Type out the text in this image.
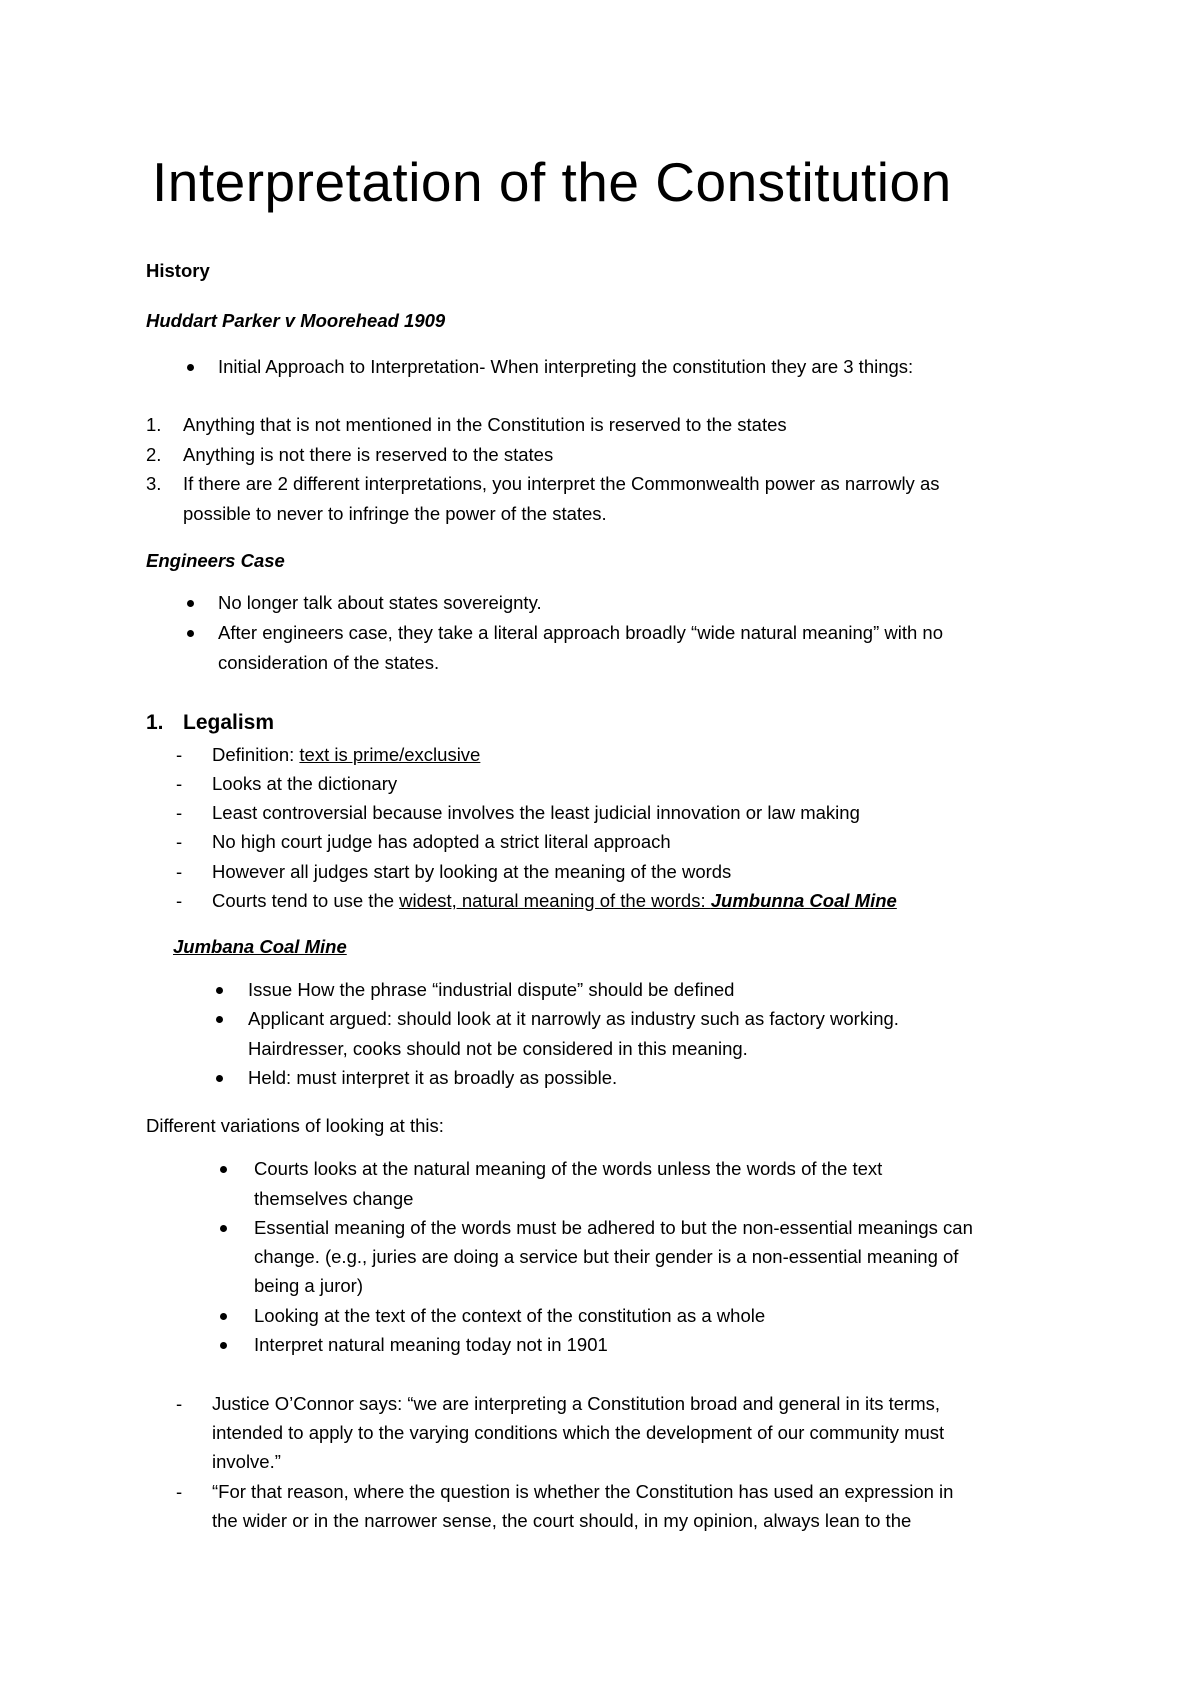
Interpretation of the Constitution
History
Huddart Parker v Moorehead 1909
Initial Approach to Interpretation- When interpreting the constitution they are 3 things:
1. Anything that is not mentioned in the Constitution is reserved to the states
2. Anything is not there is reserved to the states
3. If there are 2 different interpretations, you interpret the Commonwealth power as narrowly as
possible to never to infringe the power of the states.
Engineers Case
No longer talk about states sovereignty.
After engineers case, they take a literal approach broadly “wide natural meaning” with no
consideration of the states.
1. Legalism
- Definition: text is prime/exclusive
- Looks at the dictionary
- Least controversial because involves the least judicial innovation or law making
- No high court judge has adopted a strict literal approach
- However all judges start by looking at the meaning of the words
- Courts tend to use the widest, natural meaning of the words: Jumbunna Coal Mine
Jumbana Coal Mine
Issue How the phrase “industrial dispute” should be defined
Applicant argued: should look at it narrowly as industry such as factory working.
Hairdresser, cooks should not be considered in this meaning.
Held: must interpret it as broadly as possible.
Different variations of looking at this:
Courts looks at the natural meaning of the words unless the words of the text
themselves change
Essential meaning of the words must be adhered to but the non-essential meanings can
change. (e.g., juries are doing a service but their gender is a non-essential meaning of
being a juror)
Looking at the text of the context of the constitution as a whole
Interpret natural meaning today not in 1901
- Justice O’Connor says: “we are interpreting a Constitution broad and general in its terms,
intended to apply to the varying conditions which the development of our community must
involve.”
- “For that reason, where the question is whether the Constitution has used an expression in
the wider or in the narrower sense, the court should, in my opinion, always lean to the
